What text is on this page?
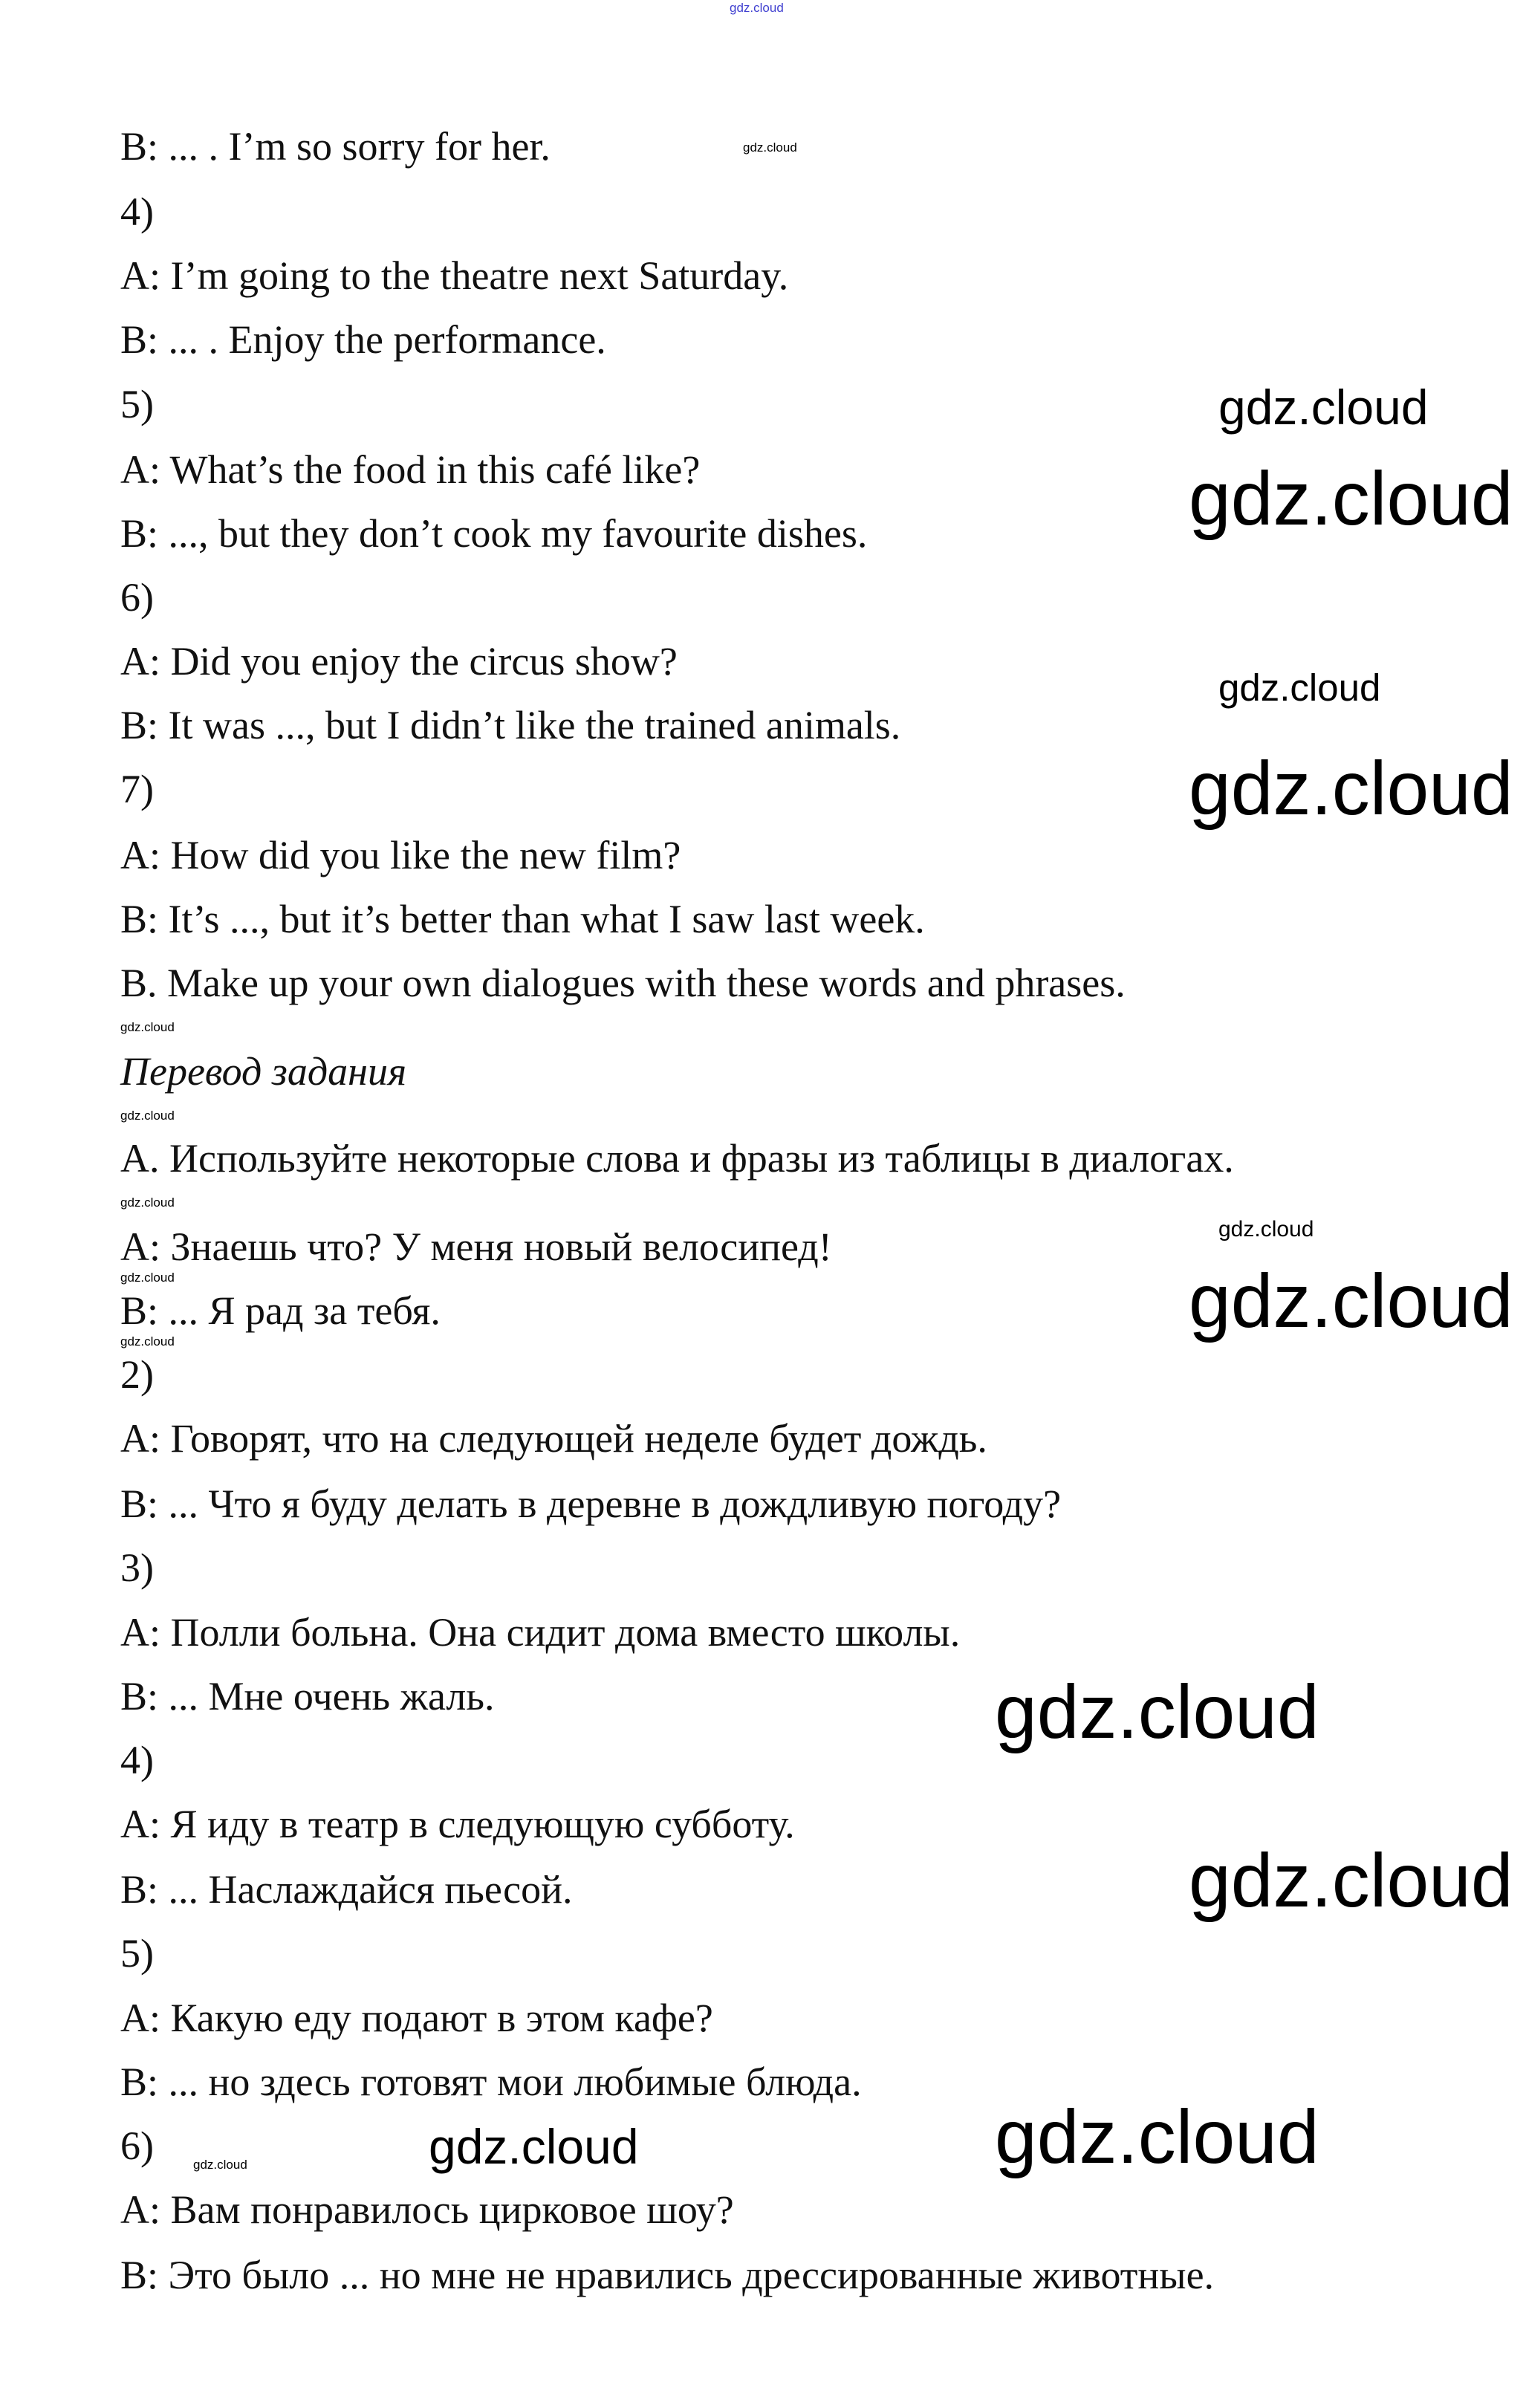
gdz.cloud
B: ... . I’m so sorry for her.
4)
A: I’m going to the theatre next Saturday.
B: ... . Enjoy the performance.
5)
A: What’s the food in this café like?
B: ..., but they don’t cook my favourite dishes.
6)
A: Did you enjoy the circus show?
B: It was ..., but I didn’t like the trained animals.
7)
A: How did you like the new film?
B: It’s ..., but it’s better than what I saw last week.
B. Make up your own dialogues with these words and phrases.
Перевод задания
А. Используйте некоторые слова и фразы из таблицы в диалогах.
A: Знаешь что? У меня новый велосипед!
B: ... Я рад за тебя.
2)
A: Говорят, что на следующей неделе будет дождь.
B: ... Что я буду делать в деревне в дождливую погоду?
3)
A: Полли больна. Она сидит дома вместо школы.
B: ... Мне очень жаль.
4)
A: Я иду в театр в следующую субботу.
B: ... Наслаждайся пьесой.
5)
A: Какую еду подают в этом кафе?
B: ... но здесь готовят мои любимые блюда.
6)
A: Вам понравилось цирковое шоу?
B: Это было ... но мне не нравились дрессированные животные.
gdz.cloud
gdz.cloud
gdz.cloud
gdz.cloud
gdz.cloud
gdz.cloud
gdz.cloud
gdz.cloud
gdz.cloud
gdz.cloud
gdz.cloud
gdz.cloud
gdz.cloud
gdz.cloud
gdz.cloud	gdz.cloud
gdz.cloud
